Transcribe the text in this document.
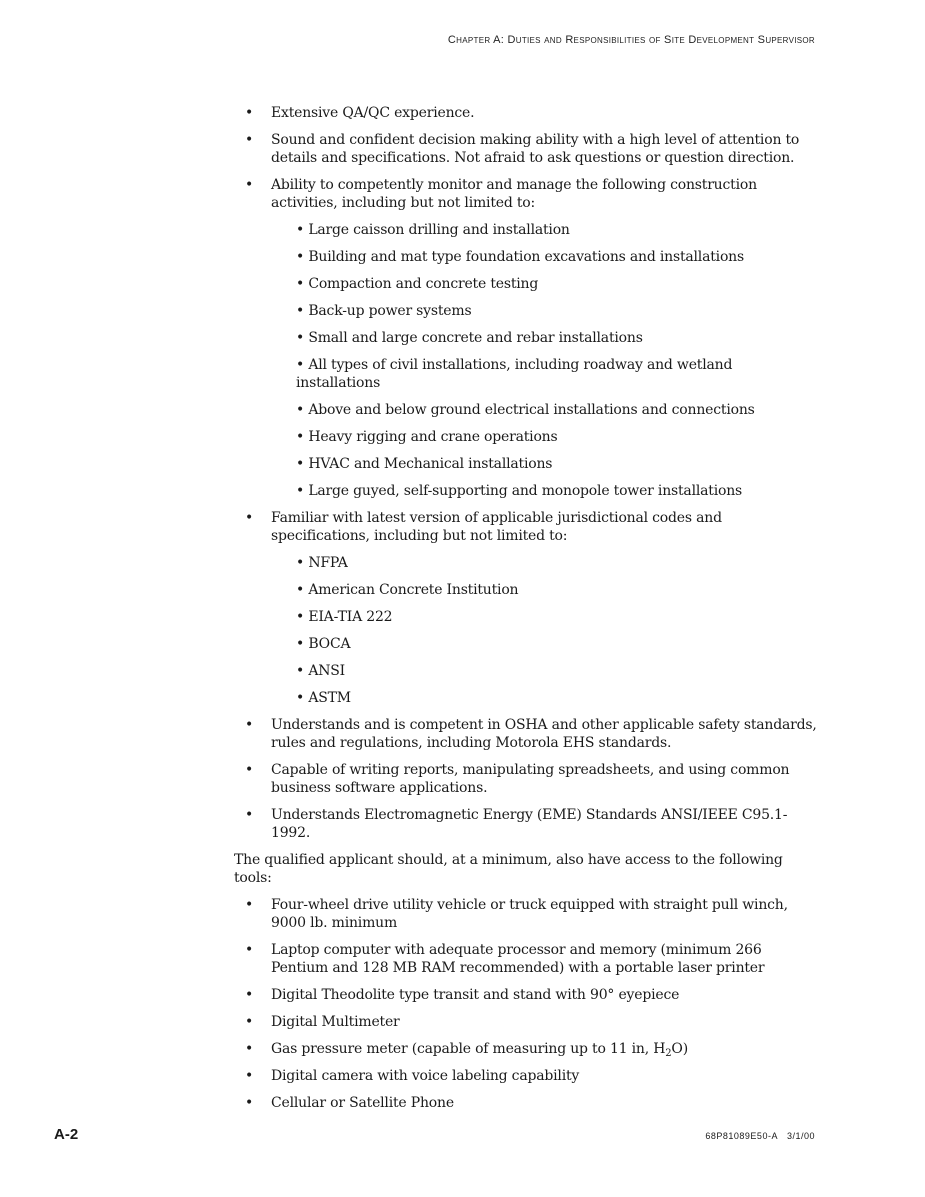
Chapter A: Duties and Responsibilities of Site Development Supervisor
• Extensive QA/QC experience.
• Sound and confident decision making ability with a high level of attention to details and specifications. Not afraid to ask questions or question direction.
• Ability to competently monitor and manage the following construction activities, including but not limited to:
• Large caisson drilling and installation
• Building and mat type foundation excavations and installations
• Compaction and concrete testing
• Back-up power systems
• Small and large concrete and rebar installations
• All types of civil installations, including roadway and wetland installations
• Above and below ground electrical installations and connections
• Heavy rigging and crane operations
• HVAC and Mechanical installations
• Large guyed, self-supporting and monopole tower installations
• Familiar with latest version of applicable jurisdictional codes and specifications, including but not limited to:
• NFPA
• American Concrete Institution
• EIA-TIA 222
• BOCA
• ANSI
• ASTM
• Understands and is competent in OSHA and other applicable safety standards, rules and regulations, including Motorola EHS standards.
• Capable of writing reports, manipulating spreadsheets, and using common business software applications.
• Understands Electromagnetic Energy (EME) Standards ANSI/IEEE C95.1-1992.

The qualified applicant should, at a minimum, also have access to the following tools:

• Four-wheel drive utility vehicle or truck equipped with straight pull winch, 9000 lb. minimum
• Laptop computer with adequate processor and memory (minimum 266 Pentium and 128 MB RAM recommended) with a portable laser printer
• Digital Theodolite type transit and stand with 90° eyepiece
• Digital Multimeter
• Gas pressure meter (capable of measuring up to 11 in, $H_2O$)
• Digital camera with voice labeling capability
• Cellular or Satellite Phone
A-2	68P81089E50-A 3/1/00
